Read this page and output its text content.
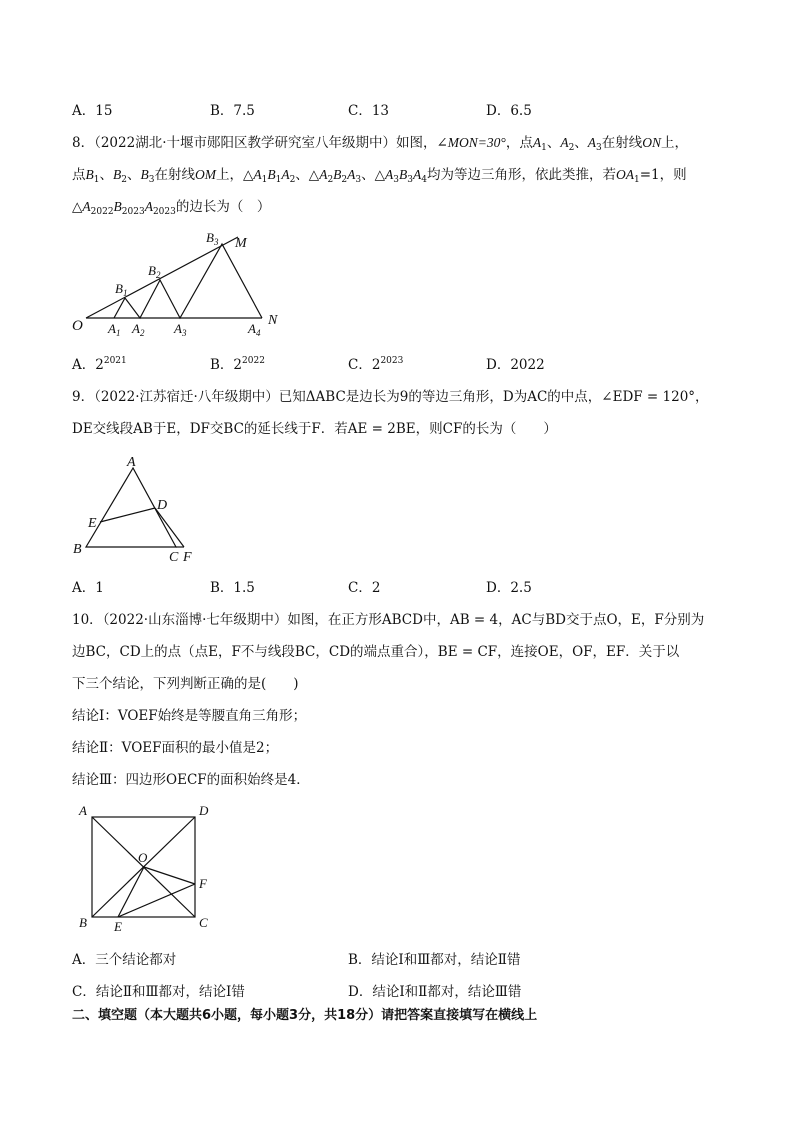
A．15	B．7.5	C．13	D．6.5
8．（2022湖北·十堰市郧阳区教学研究室八年级期中）如图，∠MON=30°，点$A_1$、$A_2$、$A_3$在射线ON上，
点$B_1$、$B_2$、$B_3$在射线OM上，$\triangle A_1B_1A_2$、$\triangle A_2B_2A_3$、$\triangle A_3B_3A_4$均为等边三角形，依此类推，若$OA_1=1$，则
$\triangle A_{2022}B_{2023}A_{2023}$的边长为（　）
O $A_1$ $A_2$ $A_3$	$A_4$
N
$B_1$
$B_2$
$B_3$ M
A．$2^{2021}$	B．$2^{2022}$	C．$2^{2023}$	D．2022
9．（2022·江苏宿迁·八年级期中）已知ΔABC是边长为9的等边三角形，D为AC的中点，∠EDF = 120°，
DE交线段AB于E，DF交BC的延长线于F．若AE = 2BE，则CF的长为（　　）
A
D
E
B
C F
A．1	B．1.5	C．2	D．2.5
10．（2022·山东淄博·七年级期中）如图，在正方形ABCD中，AB = 4，AC与BD交于点O，E，F分别为
边BC，CD上的点（点E，F不与线段BC，CD的端点重合），BE = CF，连接OE，OF，EF．关于以
下三个结论，下列判断正确的是(　　)
结论Ⅰ：VOEF始终是等腰直角三角形；
结论Ⅱ：VOEF面积的最小值是2；
结论Ⅲ：四边形OECF的面积始终是4．
A	D
O
F
B E	C
A．三个结论都对	B．结论Ⅰ和Ⅲ都对，结论Ⅱ错
C．结论Ⅱ和Ⅲ都对，结论Ⅰ错	D．结论Ⅰ和Ⅱ都对，结论Ⅲ错
二、填空题（本大题共6小题，每小题3分，共18分）请把答案直接填写在横线上
